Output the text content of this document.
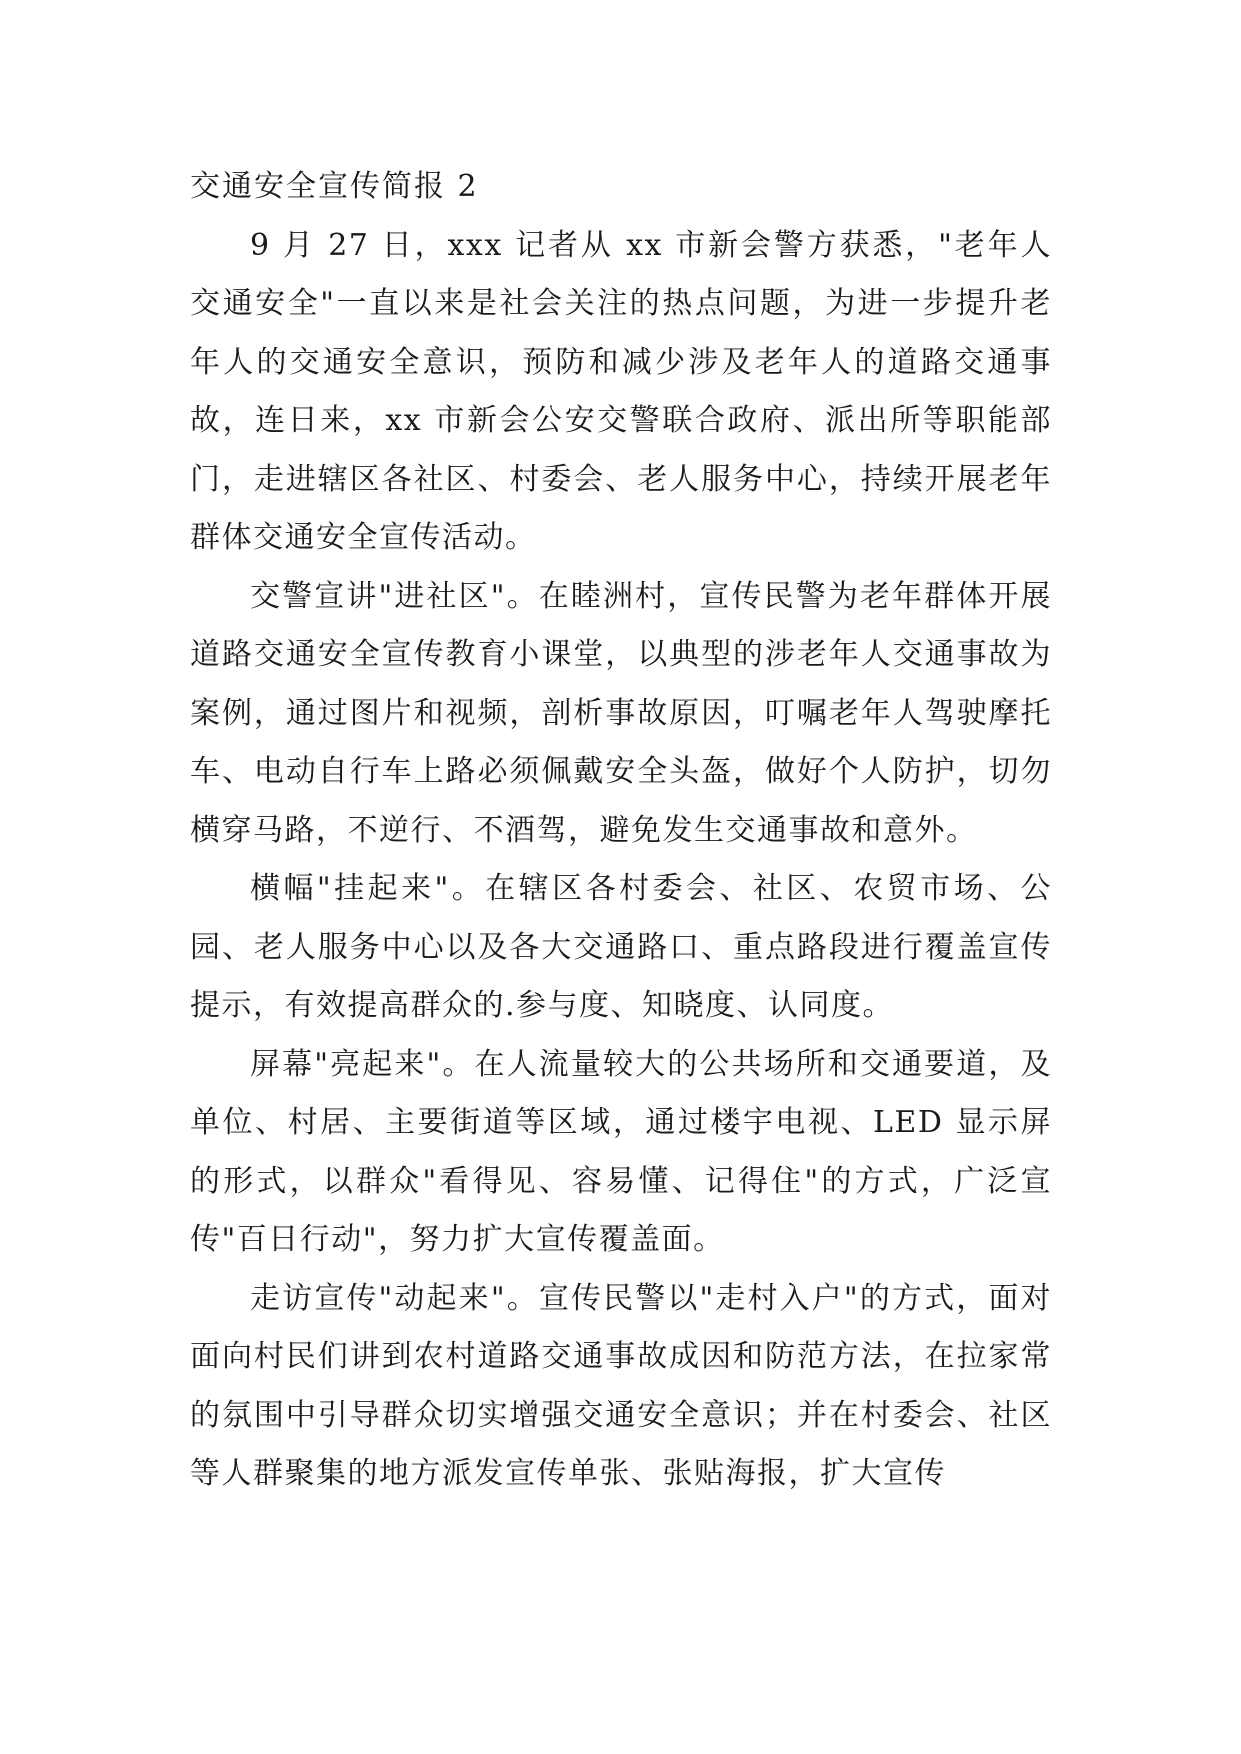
交通安全宣传简报 2

9 月 27 日，xxx 记者从 xx 市新会警方获悉，"老年人交通安全"一直以来是社会关注的热点问题，为进一步提升老年人的交通安全意识，预防和减少涉及老年人的道路交通事故，连日来，xx 市新会公安交警联合政府、派出所等职能部门，走进辖区各社区、村委会、老人服务中心，持续开展老年群体交通安全宣传活动。

交警宣讲"进社区"。在睦洲村，宣传民警为老年群体开展道路交通安全宣传教育小课堂，以典型的涉老年人交通事故为案例，通过图片和视频，剖析事故原因，叮嘱老年人驾驶摩托车、电动自行车上路必须佩戴安全头盔，做好个人防护，切勿横穿马路，不逆行、不酒驾，避免发生交通事故和意外。

横幅"挂起来"。在辖区各村委会、社区、农贸市场、公园、老人服务中心以及各大交通路口、重点路段进行覆盖宣传提示，有效提高群众的.参与度、知晓度、认同度。

屏幕"亮起来"。在人流量较大的公共场所和交通要道，及单位、村居、主要街道等区域，通过楼宇电视、LED 显示屏的形式，以群众"看得见、容易懂、记得住"的方式，广泛宣传"百日行动"，努力扩大宣传覆盖面。

走访宣传"动起来"。宣传民警以"走村入户"的方式，面对面向村民们讲到农村道路交通事故成因和防范方法，在拉家常的氛围中引导群众切实增强交通安全意识；并在村委会、社区等人群聚集的地方派发宣传单张、张贴海报，扩大宣传
